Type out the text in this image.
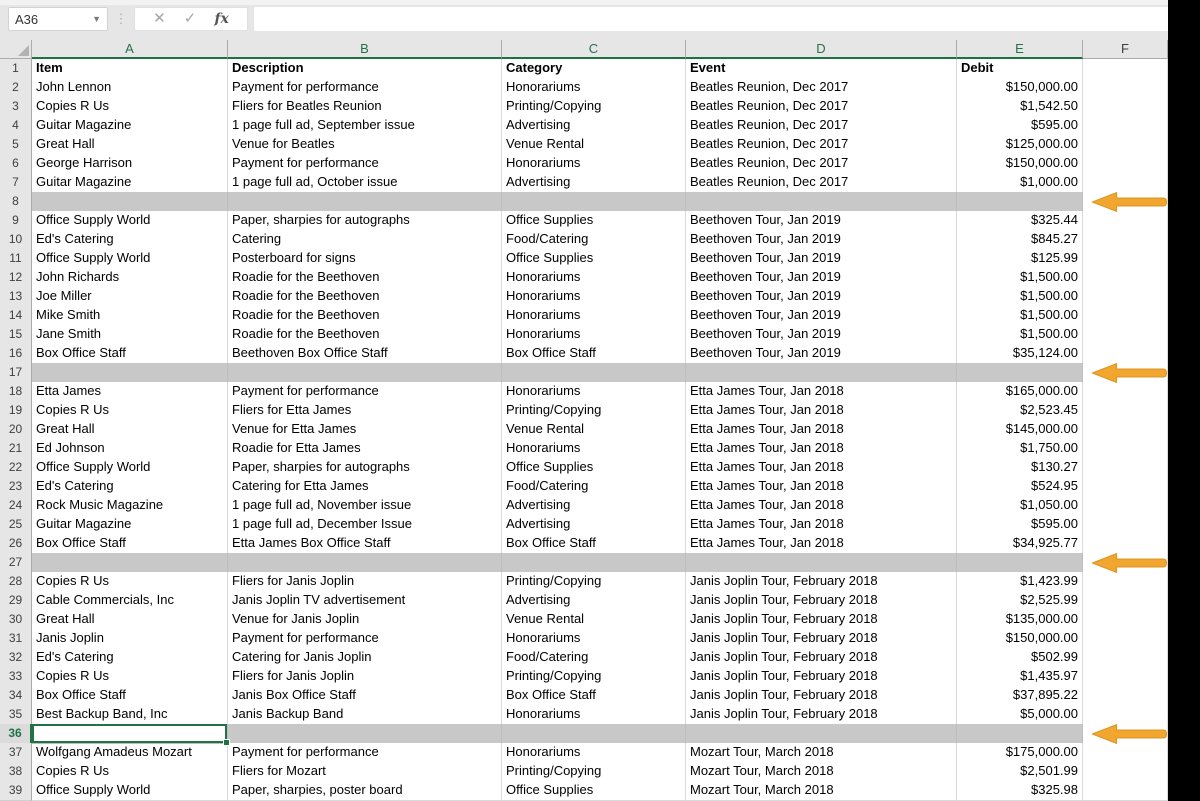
A36	▼	⋮	✕ ✓ fx
A	B	C	D	E	F
1	Item	Description	Category	Event	Debit
2	John Lennon	Payment for performance	Honorariums	Beatles Reunion, Dec 2017	$150,000.00
3	Copies R Us	Fliers for Beatles Reunion	Printing/Copying	Beatles Reunion, Dec 2017	$1,542.50
4	Guitar Magazine	1 page full ad, September issue	Advertising	Beatles Reunion, Dec 2017	$595.00
5	Great Hall	Venue for Beatles	Venue Rental	Beatles Reunion, Dec 2017	$125,000.00
6	George Harrison	Payment for performance	Honorariums	Beatles Reunion, Dec 2017	$150,000.00
7	Guitar Magazine	1 page full ad, October issue	Advertising	Beatles Reunion, Dec 2017	$1,000.00
8
9	Office Supply World	Paper, sharpies for autographs	Office Supplies	Beethoven Tour, Jan 2019	$325.44
10	Ed's Catering	Catering	Food/Catering	Beethoven Tour, Jan 2019	$845.27
11	Office Supply World	Posterboard for signs	Office Supplies	Beethoven Tour, Jan 2019	$125.99
12	John Richards	Roadie for the Beethoven	Honorariums	Beethoven Tour, Jan 2019	$1,500.00
13	Joe Miller	Roadie for the Beethoven	Honorariums	Beethoven Tour, Jan 2019	$1,500.00
14	Mike Smith	Roadie for the Beethoven	Honorariums	Beethoven Tour, Jan 2019	$1,500.00
15	Jane Smith	Roadie for the Beethoven	Honorariums	Beethoven Tour, Jan 2019	$1,500.00
16	Box Office Staff	Beethoven Box Office Staff	Box Office Staff	Beethoven Tour, Jan 2019	$35,124.00
17
18	Etta James	Payment for performance	Honorariums	Etta James Tour, Jan 2018	$165,000.00
19	Copies R Us	Fliers for Etta James	Printing/Copying	Etta James Tour, Jan 2018	$2,523.45
20	Great Hall	Venue for Etta James	Venue Rental	Etta James Tour, Jan 2018	$145,000.00
21	Ed Johnson	Roadie for Etta James	Honorariums	Etta James Tour, Jan 2018	$1,750.00
22	Office Supply World	Paper, sharpies for autographs	Office Supplies	Etta James Tour, Jan 2018	$130.27
23	Ed's Catering	Catering for Etta James	Food/Catering	Etta James Tour, Jan 2018	$524.95
24	Rock Music Magazine	1 page full ad, November issue	Advertising	Etta James Tour, Jan 2018	$1,050.00
25	Guitar Magazine	1 page full ad, December Issue	Advertising	Etta James Tour, Jan 2018	$595.00
26	Box Office Staff	Etta James Box Office Staff	Box Office Staff	Etta James Tour, Jan 2018	$34,925.77
27
28	Copies R Us	Fliers for Janis Joplin	Printing/Copying	Janis Joplin Tour, February 2018	$1,423.99
29	Cable Commercials, Inc	Janis Joplin TV advertisement	Advertising	Janis Joplin Tour, February 2018	$2,525.99
30	Great Hall	Venue for Janis Joplin	Venue Rental	Janis Joplin Tour, February 2018	$135,000.00
31	Janis Joplin	Payment for performance	Honorariums	Janis Joplin Tour, February 2018	$150,000.00
32	Ed's Catering	Catering for Janis Joplin	Food/Catering	Janis Joplin Tour, February 2018	$502.99
33	Copies R Us	Fliers for Janis Joplin	Printing/Copying	Janis Joplin Tour, February 2018	$1,435.97
34	Box Office Staff	Janis Box Office Staff	Box Office Staff	Janis Joplin Tour, February 2018	$37,895.22
35	Best Backup Band, Inc	Janis Backup Band	Honorariums	Janis Joplin Tour, February 2018	$5,000.00
36
37	Wolfgang Amadeus Mozart	Payment for performance	Honorariums	Mozart Tour, March 2018	$175,000.00
38	Copies R Us	Fliers for Mozart	Printing/Copying	Mozart Tour, March 2018	$2,501.99
39	Office Supply World	Paper, sharpies, poster board	Office Supplies	Mozart Tour, March 2018	$325.98
